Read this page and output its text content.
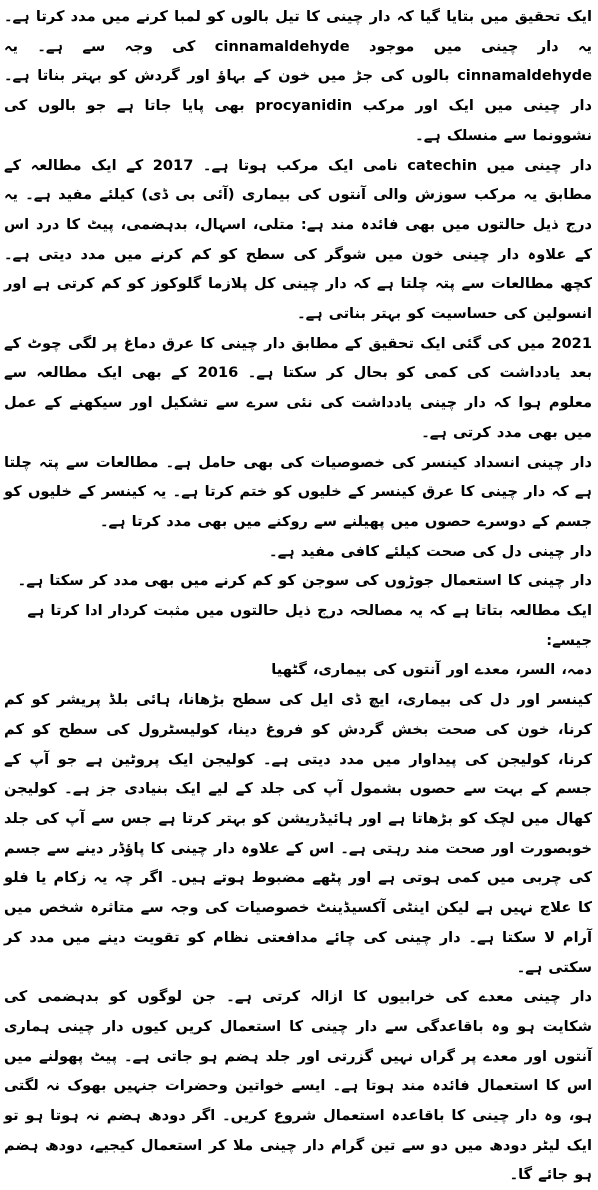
ایک تحقیق میں بتایا گیا کہ دار چینی کا تیل بالوں کو لمبا کرنے میں مدد کرتا ہے۔ یہ دار چینی میں موجود cinnamaldehyde کی وجہ سے ہے۔ یہ cinnamaldehyde بالوں کی جڑ میں خون کے بہاؤ اور گردش کو بہتر بناتا ہے۔ دار چینی میں ایک اور مرکب procyanidin بھی پایا جاتا ہے جو بالوں کی نشوونما سے منسلک ہے۔

دار چینی میں catechin نامی ایک مرکب ہوتا ہے۔ 2017 کے ایک مطالعہ کے مطابق یہ مرکب سوزش والی آنتوں کی بیماری (آئی بی ڈی) کیلئے مفید ہے۔ یہ درج ذیل حالتوں میں بھی فائدہ مند ہے: متلی، اسہال، بدہضمی، پیٹ کا درد اس کے علاوہ دار چینی خون میں شوگر کی سطح کو کم کرنے میں مدد دیتی ہے۔ کچھ مطالعات سے پتہ چلتا ہے کہ دار چینی کل پلازما گلوکوز کو کم کرتی ہے اور انسولین کی حساسیت کو بہتر بناتی ہے۔

2021 میں کی گئی ایک تحقیق کے مطابق دار چینی کا عرق دماغ پر لگی چوٹ کے بعد یادداشت کی کمی کو بحال کر سکتا ہے۔ 2016 کے بھی ایک مطالعہ سے معلوم ہوا کہ دار چینی یادداشت کی نئی سرے سے تشکیل اور سیکھنے کے عمل میں بھی مدد کرتی ہے۔

دار چینی انسداد کینسر کی خصوصیات کی بھی حامل ہے۔ مطالعات سے پتہ چلتا ہے کہ دار چینی کا عرق کینسر کے خلیوں کو ختم کرتا ہے۔ یہ کینسر کے خلیوں کو جسم کے دوسرے حصوں میں پھیلنے سے روکنے میں بھی مدد کرتا ہے۔

دار چینی دل کی صحت کیلئے کافی مفید ہے۔

دار چینی کا استعمال جوڑوں کی سوجن کو کم کرنے میں بھی مدد کر سکتا ہے۔

ایک مطالعہ بتاتا ہے کہ یہ مصالحہ درج ذیل حالتوں میں مثبت کردار ادا کرتا ہے جیسے:

دمہ، السر، معدے اور آنتوں کی بیماری، گٹھیا

کینسر اور دل کی بیماری، ایچ ڈی ایل کی سطح بڑھانا، ہائی بلڈ پریشر کو کم کرنا، خون کی صحت بخش گردش کو فروغ دینا، کولیسٹرول کی سطح کو کم کرنا، کولیجن کی پیداوار میں مدد دیتی ہے۔ کولیجن ایک پروٹین ہے جو آپ کے جسم کے بہت سے حصوں بشمول آپ کی جلد کے لیے ایک بنیادی جز ہے۔ کولیجن کھال میں لچک کو بڑھاتا ہے اور ہائیڈریشن کو بہتر کرتا ہے جس سے آپ کی جلد خوبصورت اور صحت مند رہتی ہے۔ اس کے علاوہ دار چینی کا پاؤڈر دینے سے جسم کی چربی میں کمی ہوتی ہے اور پٹھے مضبوط ہوتے ہیں۔ اگر چہ یہ زکام یا فلو کا علاج نہیں ہے لیکن اینٹی آکسیڈینٹ خصوصیات کی وجہ سے متاثرہ شخص میں آرام لا سکتا ہے۔ دار چینی کی چائے مدافعتی نظام کو تقویت دینے میں مدد کر سکتی ہے۔

دار چینی معدے کی خرابیوں کا ازالہ کرتی ہے۔ جن لوگوں کو بدہضمی کی شکایت ہو وہ باقاعدگی سے دار چینی کا استعمال کریں کیوں دار چینی ہماری آنتوں اور معدے پر گراں نہیں گزرتی اور جلد ہضم ہو جاتی ہے۔ پیٹ پھولنے میں اس کا استعمال فائدہ مند ہوتا ہے۔ ایسے خواتین وحضرات جنہیں بھوک نہ لگتی ہو، وہ دار چینی کا باقاعدہ استعمال شروع کریں۔ اگر دودھ ہضم نہ ہوتا ہو تو ایک لیٹر دودھ میں دو سے تین گرام دار چینی ملا کر استعمال کیجیے، دودھ ہضم ہو جائے گا۔
